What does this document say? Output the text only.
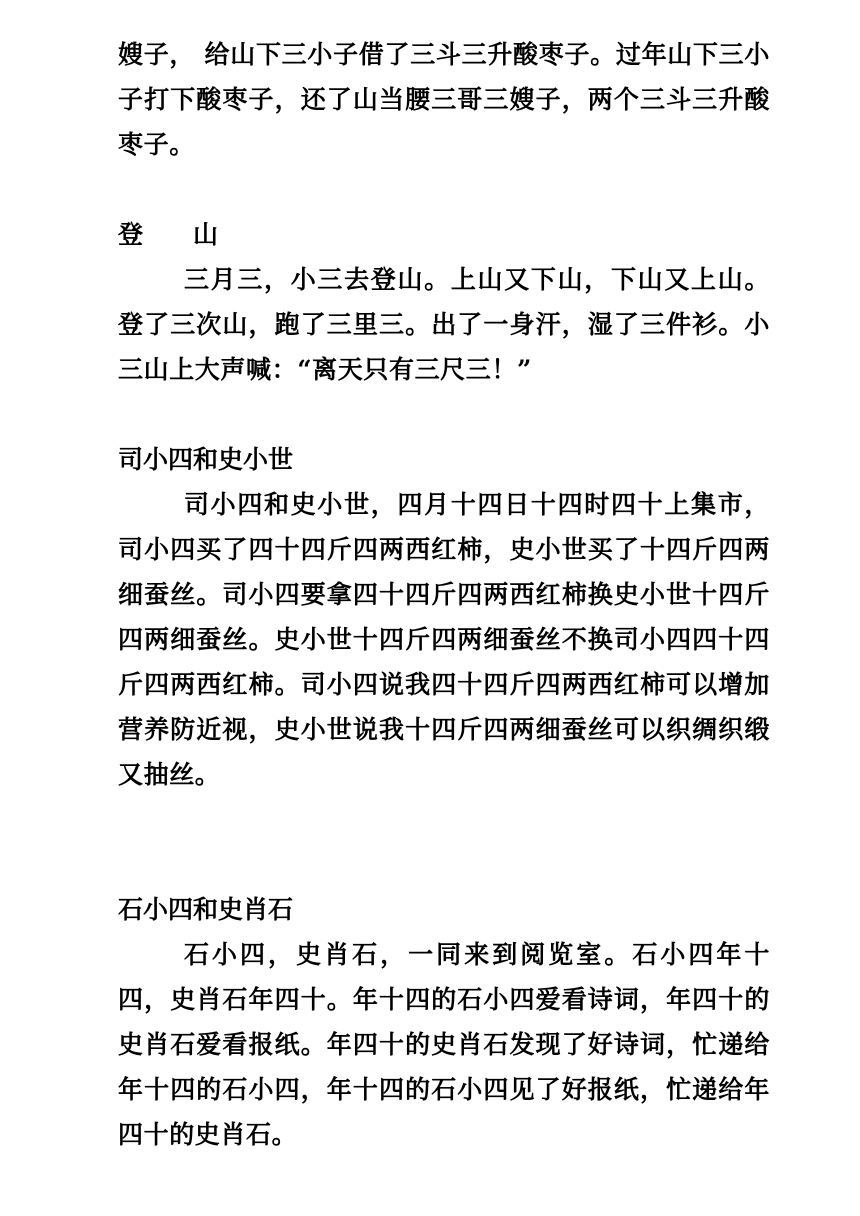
嫂子， 给山下三小子借了三斗三升酸枣子。过年山下三小子打下酸枣子，还了山当腰三哥三嫂子，两个三斗三升酸枣子。

登　　山

三月三，小三去登山。上山又下山，下山又上山。登了三次山，跑了三里三。出了一身汗，湿了三件衫。小三山上大声喊：“离天只有三尺三！”

司小四和史小世

司小四和史小世，四月十四日十四时四十上集市，司小四买了四十四斤四两西红柿，史小世买了十四斤四两细蚕丝。司小四要拿四十四斤四两西红柿换史小世十四斤四两细蚕丝。史小世十四斤四两细蚕丝不换司小四四十四斤四两西红柿。司小四说我四十四斤四两西红柿可以增加营养防近视，史小世说我十四斤四两细蚕丝可以织绸织缎又抽丝。

石小四和史肖石

石小四，史肖石，一同来到阅览室。石小四年十四，史肖石年四十。年十四的石小四爱看诗词，年四十的史肖石爱看报纸。年四十的史肖石发现了好诗词，忙递给年十四的石小四，年十四的石小四见了好报纸，忙递给年四十的史肖石。
